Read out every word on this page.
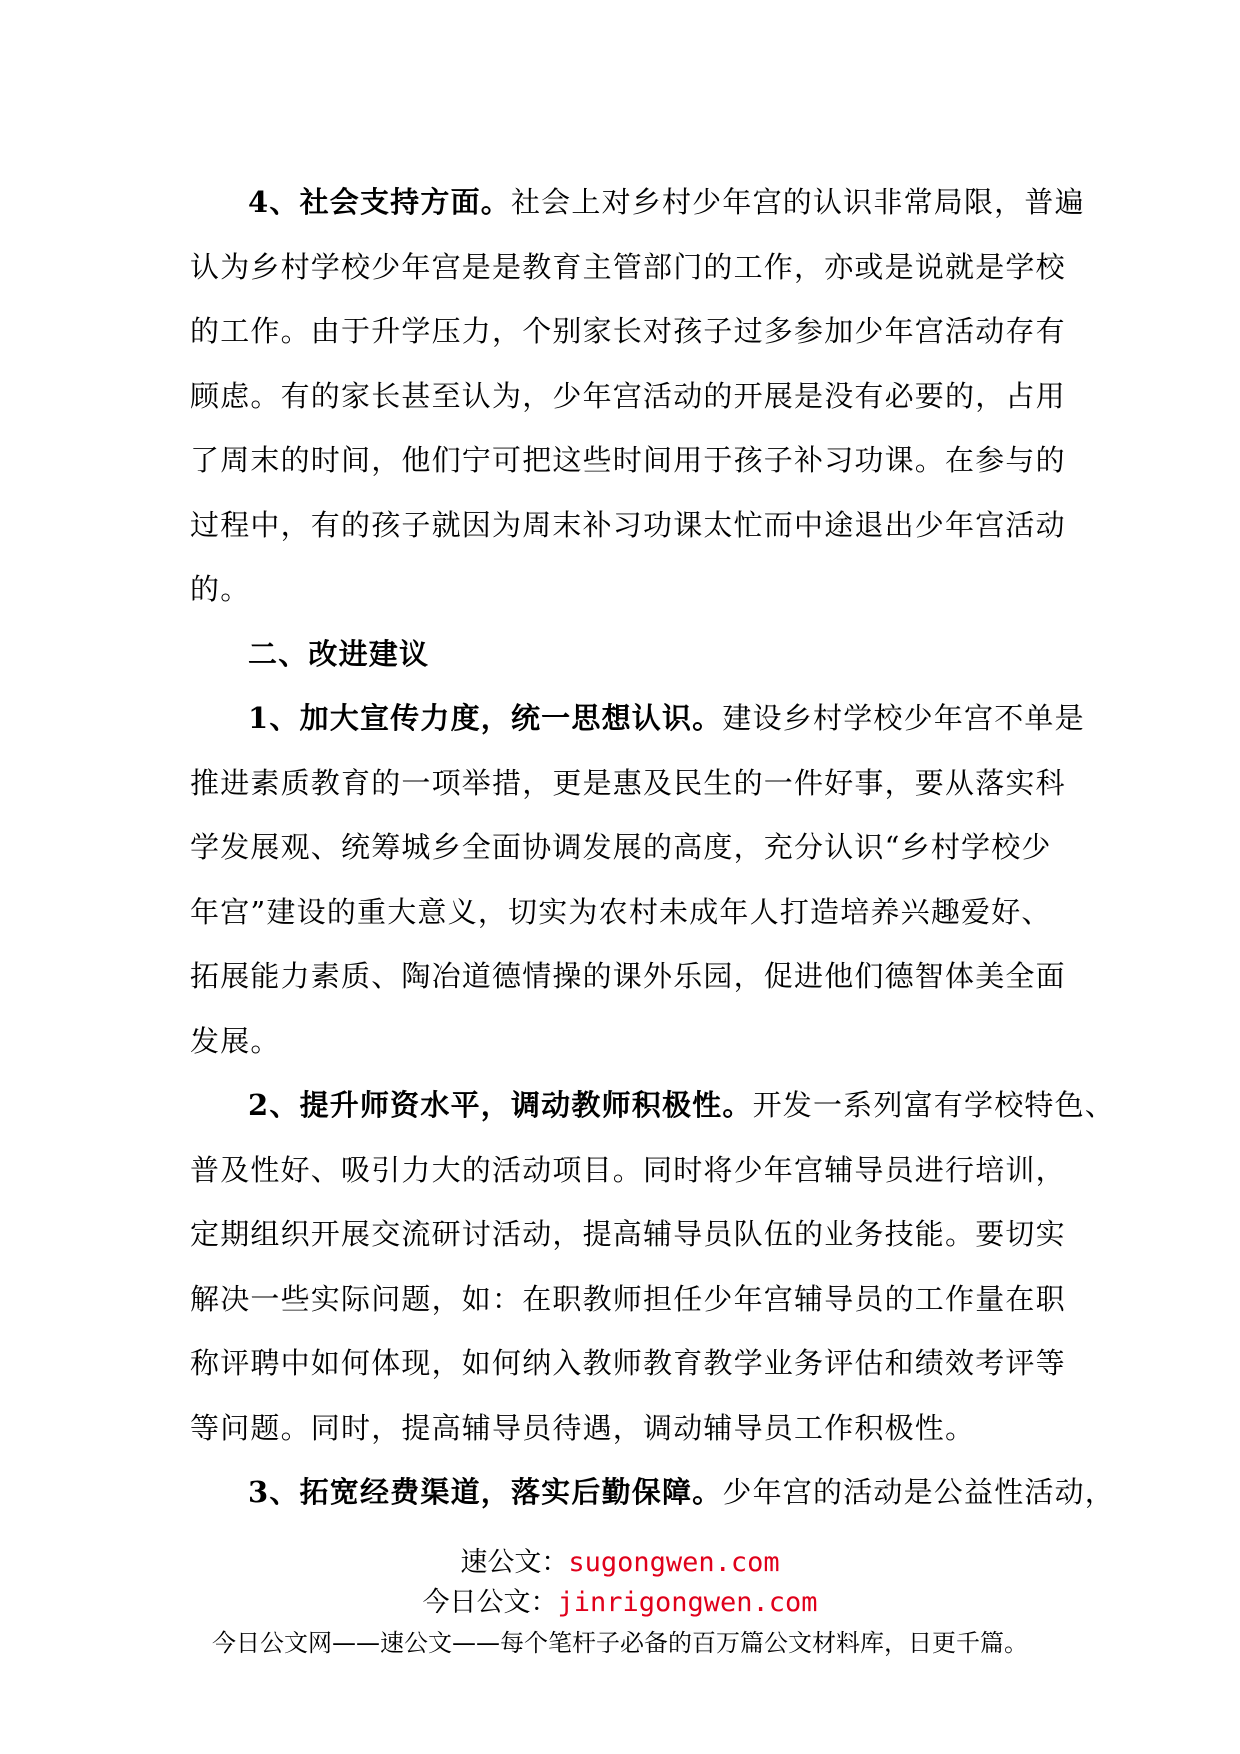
4、社会支持方面。社会上对乡村少年宫的认识非常局限，普遍
认为乡村学校少年宫是是教育主管部门的工作，亦或是说就是学校
的工作。由于升学压力，个别家长对孩子过多参加少年宫活动存有
顾虑。有的家长甚至认为，少年宫活动的开展是没有必要的，占用
了周末的时间，他们宁可把这些时间用于孩子补习功课。在参与的
过程中，有的孩子就因为周末补习功课太忙而中途退出少年宫活动
的。
二、改进建议
1、加大宣传力度，统一思想认识。建设乡村学校少年宫不单是
推进素质教育的一项举措，更是惠及民生的一件好事，要从落实科
学发展观、统筹城乡全面协调发展的高度，充分认识“乡村学校少
年宫”建设的重大意义，切实为农村未成年人打造培养兴趣爱好、
拓展能力素质、陶冶道德情操的课外乐园，促进他们德智体美全面
发展。
2、提升师资水平，调动教师积极性。开发一系列富有学校特色、
普及性好、吸引力大的活动项目。同时将少年宫辅导员进行培训，
定期组织开展交流研讨活动，提高辅导员队伍的业务技能。要切实
解决一些实际问题，如：在职教师担任少年宫辅导员的工作量在职
称评聘中如何体现，如何纳入教师教育教学业务评估和绩效考评等
等问题。同时，提高辅导员待遇，调动辅导员工作积极性。
3、拓宽经费渠道，落实后勤保障。少年宫的活动是公益性活动，
速公文：sugongwen.com
今日公文：jinrigongwen.com
今日公文网——速公文——每个笔杆子必备的百万篇公文材料库，日更千篇。
